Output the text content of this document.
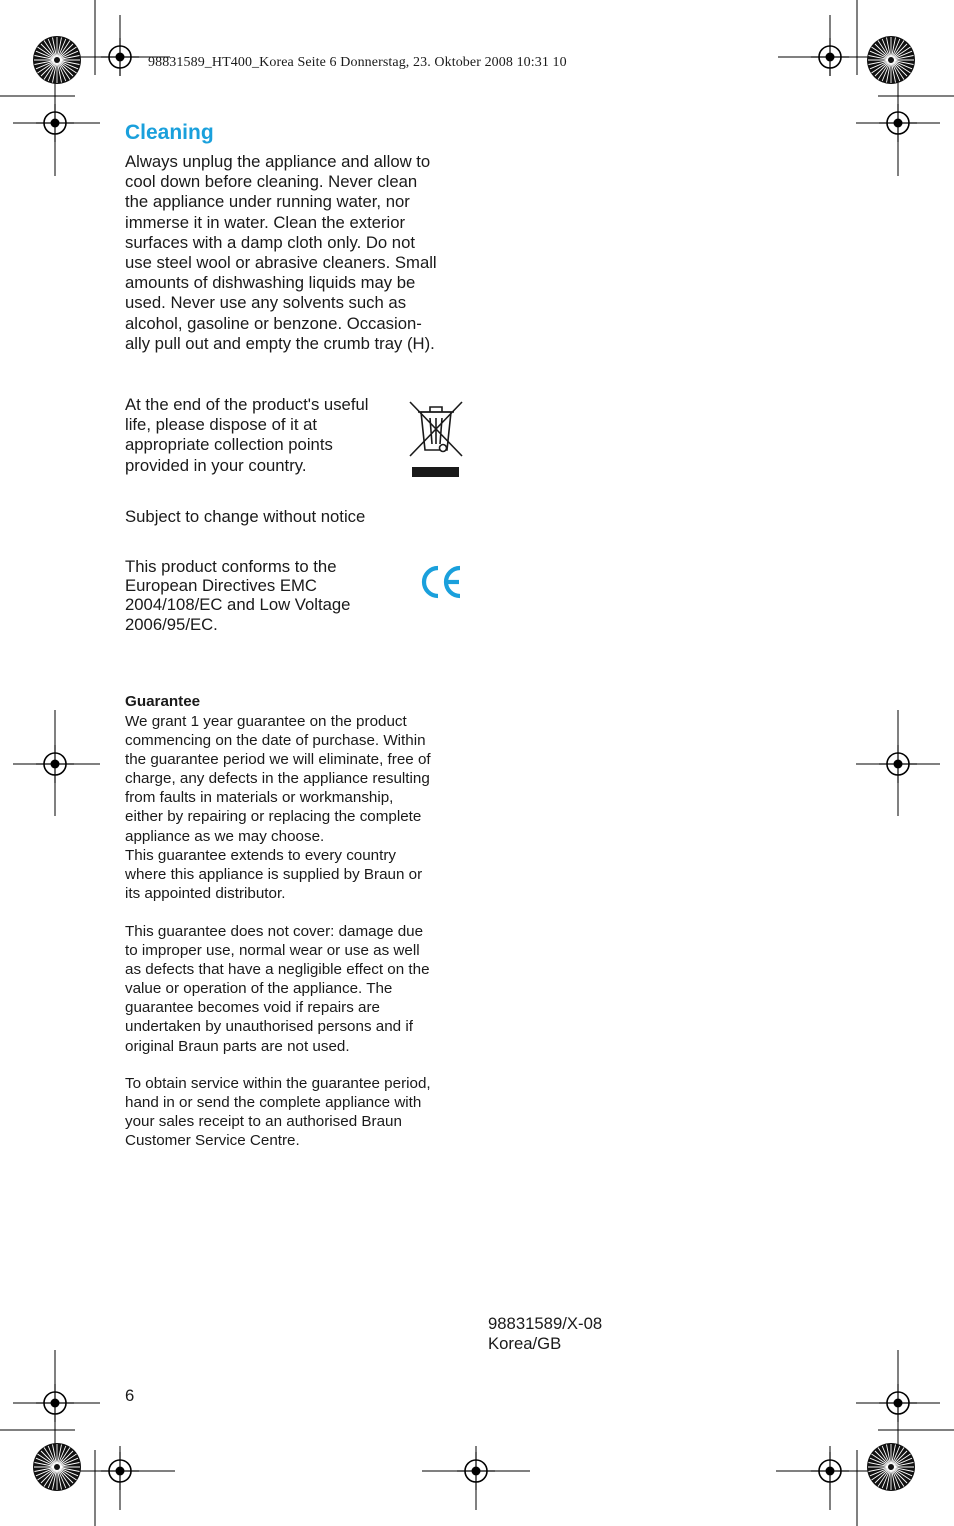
98831589_HT400_Korea Seite 6 Donnerstag, 23. Oktober 2008 10:31 10
Cleaning
Always unplug the appliance and allow to
cool down before cleaning. Never clean
the appliance under running water, nor
immerse it in water. Clean the exterior
surfaces with a damp cloth only. Do not
use steel wool or abrasive cleaners. Small
amounts of dishwashing liquids may be
used. Never use any solvents such as
alcohol, gasoline or benzone. Occasion-
ally pull out and empty the crumb tray (H).
At the end of the product's useful
life, please dispose of it at
appropriate collection points
provided in your country.
Subject to change without notice
This product conforms to the
European Directives EMC
2004/108/EC and Low Voltage
2006/95/EC.
Guarantee
We grant 1 year guarantee on the product
commencing on the date of purchase. Within
the guarantee period we will eliminate, free of
charge, any defects in the appliance resulting
from faults in materials or workmanship,
either by repairing or replacing the complete
appliance as we may choose.
This guarantee extends to every country
where this appliance is supplied by Braun or
its appointed distributor.
This guarantee does not cover: damage due
to improper use, normal wear or use as well
as defects that have a negligible effect on the
value or operation of the appliance. The
guarantee becomes void if repairs are
undertaken by unauthorised persons and if
original Braun parts are not used.
To obtain service within the guarantee period,
hand in or send the complete appliance with
your sales receipt to an authorised Braun
Customer Service Centre.
98831589/X-08
Korea/GB
6
